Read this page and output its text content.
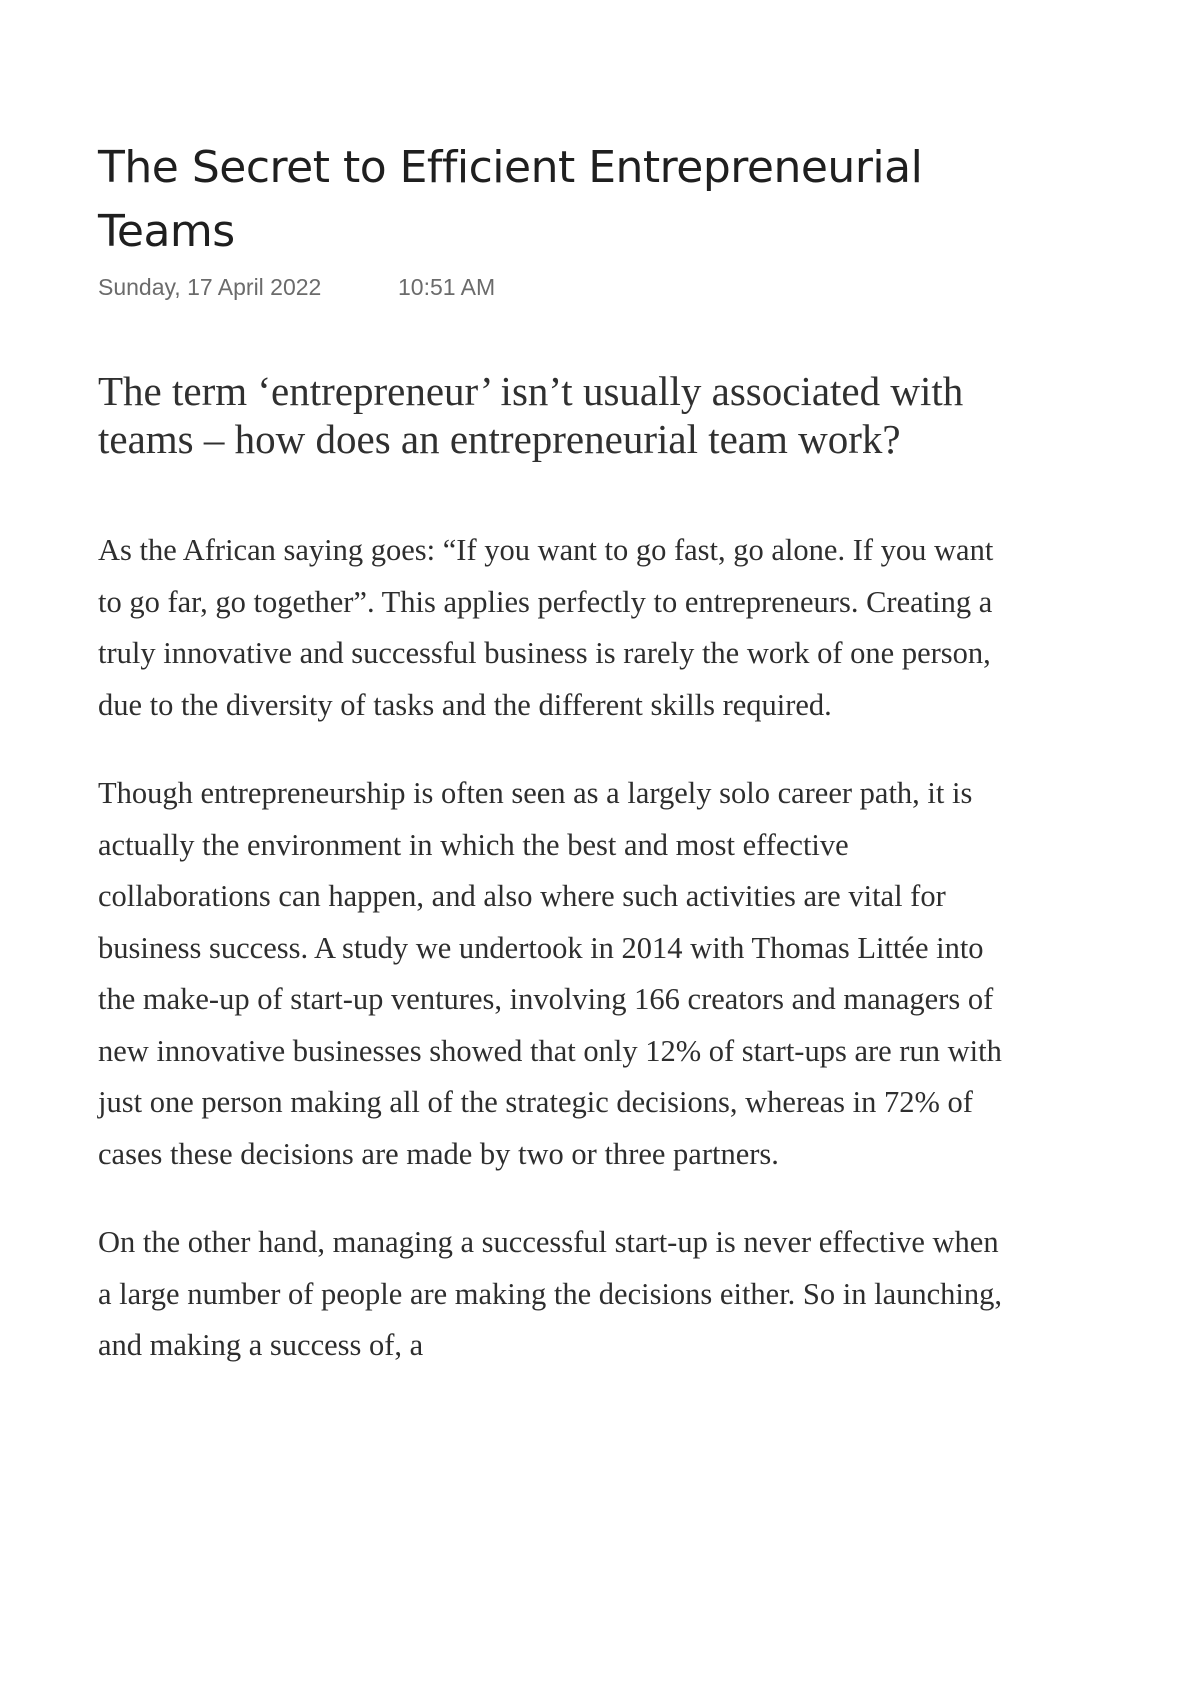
The Secret to Efficient Entrepreneurial Teams
Sunday, 17 April 2022	10:51 AM
The term ‘entrepreneur’ isn’t usually associated with teams – how does an entrepreneurial team work?

As the African saying goes: “If you want to go fast, go alone. If you want to go far, go together”. This applies perfectly to entrepreneurs. Creating a truly innovative and successful business is rarely the work of one person, due to the diversity of tasks and the different skills required.

Though entrepreneurship is often seen as a largely solo career path, it is actually the environment in which the best and most effective collaborations can happen, and also where such activities are vital for business success. A study we undertook in 2014 with Thomas Littée into the make-up of start-up ventures, involving 166 creators and managers of new innovative businesses showed that only 12% of start-ups are run with just one person making all of the strategic decisions, whereas in 72% of cases these decisions are made by two or three partners.

On the other hand, managing a successful start-up is never effective when a large number of people are making the decisions either. So in launching, and making a success of, a
